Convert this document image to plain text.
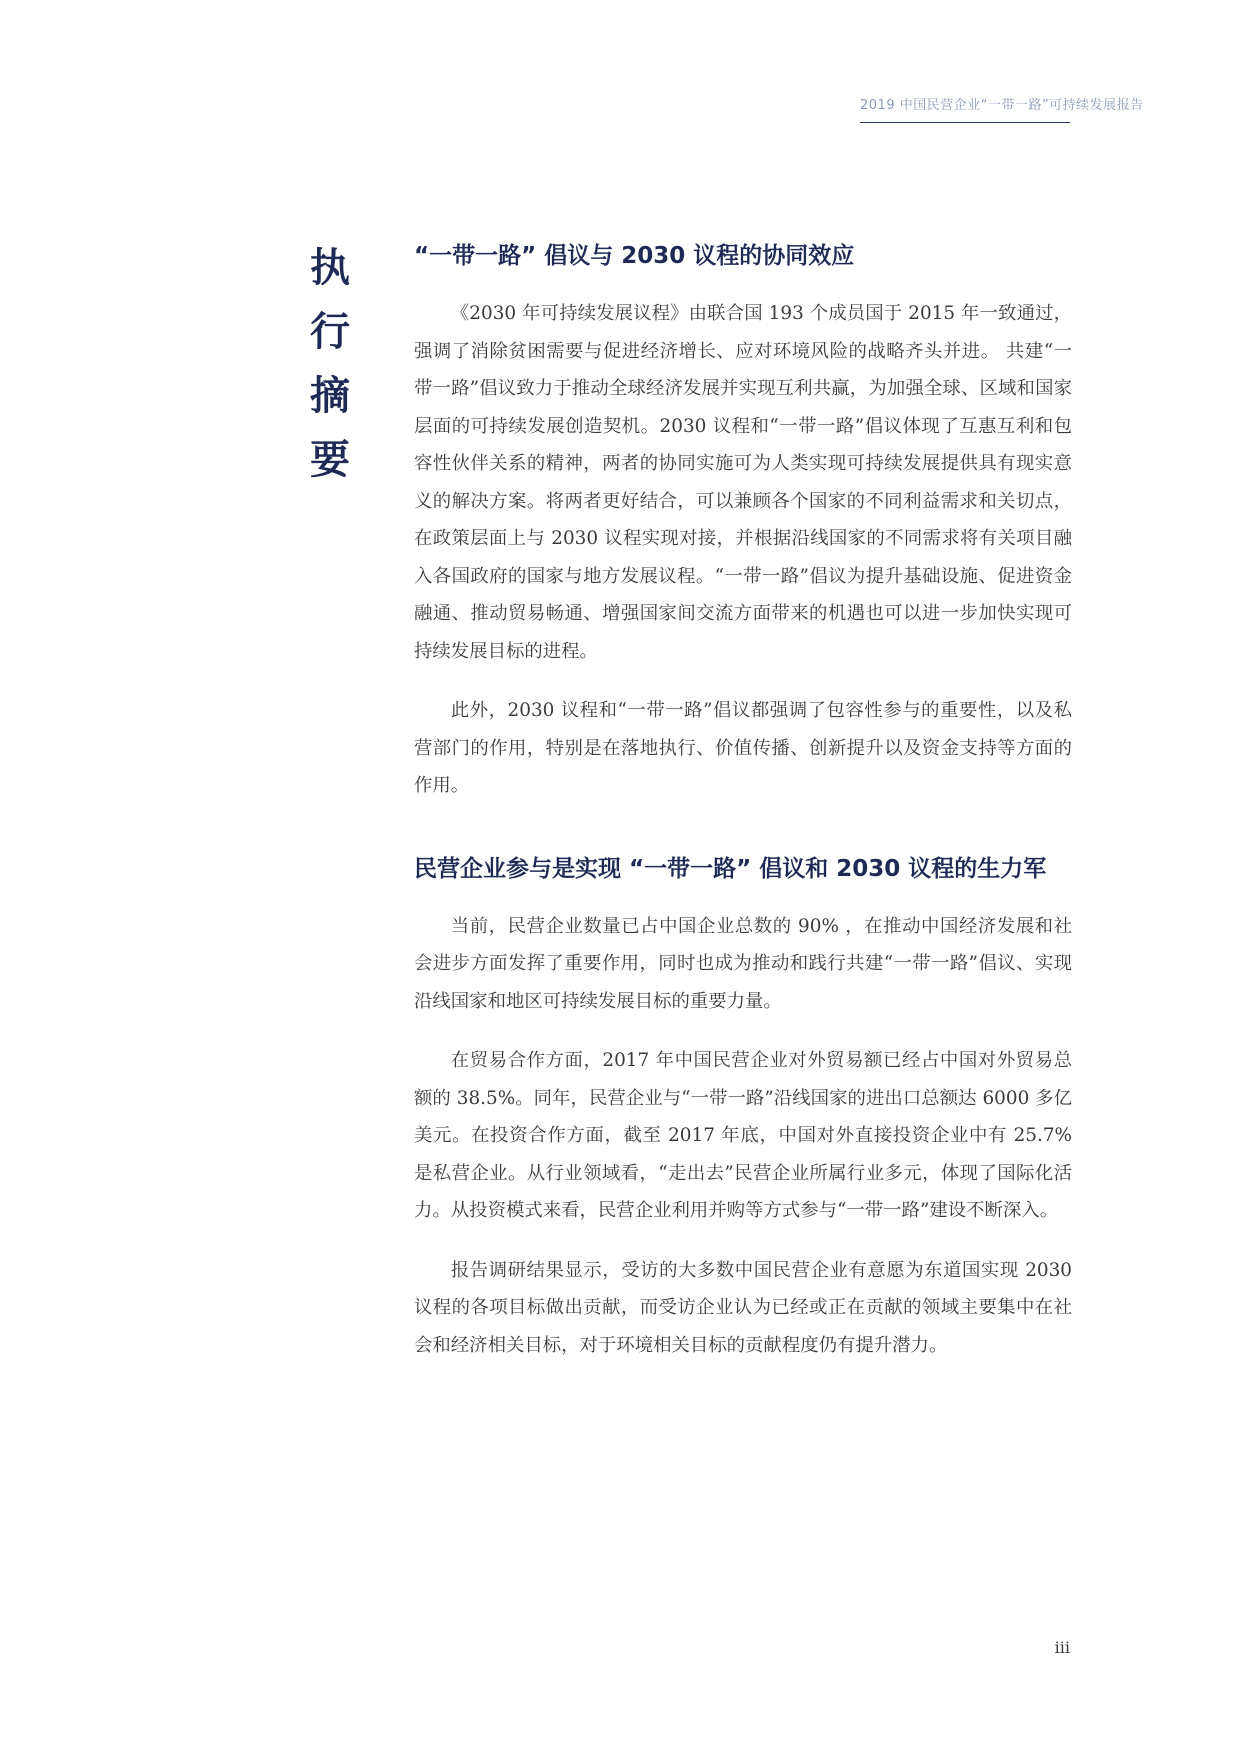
2019 中国民营企业“一带一路”可持续发展报告
执
行
摘
要
“一带一路” 倡议与 2030 议程的协同效应

《2030 年可持续发展议程》由联合国 193 个成员国于 2015 年一致通过，强调了消除贫困需要与促进经济增长、应对环境风险的战略齐头并进。 共建“一带一路”倡议致力于推动全球经济发展并实现互利共赢，为加强全球、区域和国家层面的可持续发展创造契机。2030 议程和“一带一路”倡议体现了互惠互利和包容性伙伴关系的精神，两者的协同实施可为人类实现可持续发展提供具有现实意义的解决方案。将两者更好结合，可以兼顾各个国家的不同利益需求和关切点，在政策层面上与 2030 议程实现对接，并根据沿线国家的不同需求将有关项目融入各国政府的国家与地方发展议程。“一带一路”倡议为提升基础设施、促进资金融通、推动贸易畅通、增强国家间交流方面带来的机遇也可以进一步加快实现可持续发展目标的进程。

此外，2030 议程和“一带一路”倡议都强调了包容性参与的重要性，以及私营部门的作用，特别是在落地执行、价值传播、创新提升以及资金支持等方面的作用。

民营企业参与是实现 “一带一路” 倡议和 2030 议程的生力军

当前，民营企业数量已占中国企业总数的 90% ，在推动中国经济发展和社会进步方面发挥了重要作用，同时也成为推动和践行共建“一带一路”倡议、实现沿线国家和地区可持续发展目标的重要力量。

在贸易合作方面，2017 年中国民营企业对外贸易额已经占中国对外贸易总额的 38.5%。同年，民营企业与“一带一路”沿线国家的进出口总额达 6000 多亿美元。在投资合作方面，截至 2017 年底，中国对外直接投资企业中有 25.7% 是私营企业。从行业领域看，“走出去”民营企业所属行业多元，体现了国际化活力。从投资模式来看，民营企业利用并购等方式参与“一带一路”建设不断深入。

报告调研结果显示，受访的大多数中国民营企业有意愿为东道国实现 2030 议程的各项目标做出贡献，而受访企业认为已经或正在贡献的领域主要集中在社会和经济相关目标，对于环境相关目标的贡献程度仍有提升潜力。

iii
